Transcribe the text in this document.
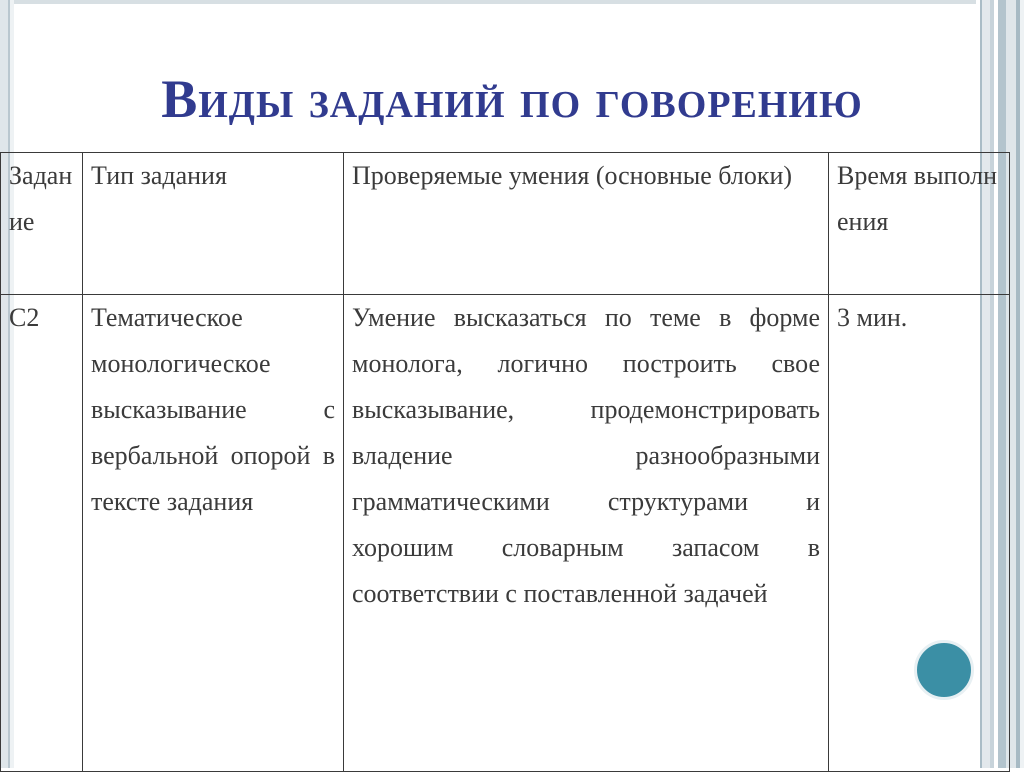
Виды заданий по говорению
Задание	Тип задания	Проверяемые умения (основные блоки)	Время выполнения
С2	Тематическое монологическое высказывание с вербальной опорой в тексте задания	Умение высказаться по теме в форме монолога, логично построить свое высказывание, продемонстрировать владение разнообразными грамматическими структурами и хорошим словарным запасом в соответствии с поставленной задачей	3 мин.
